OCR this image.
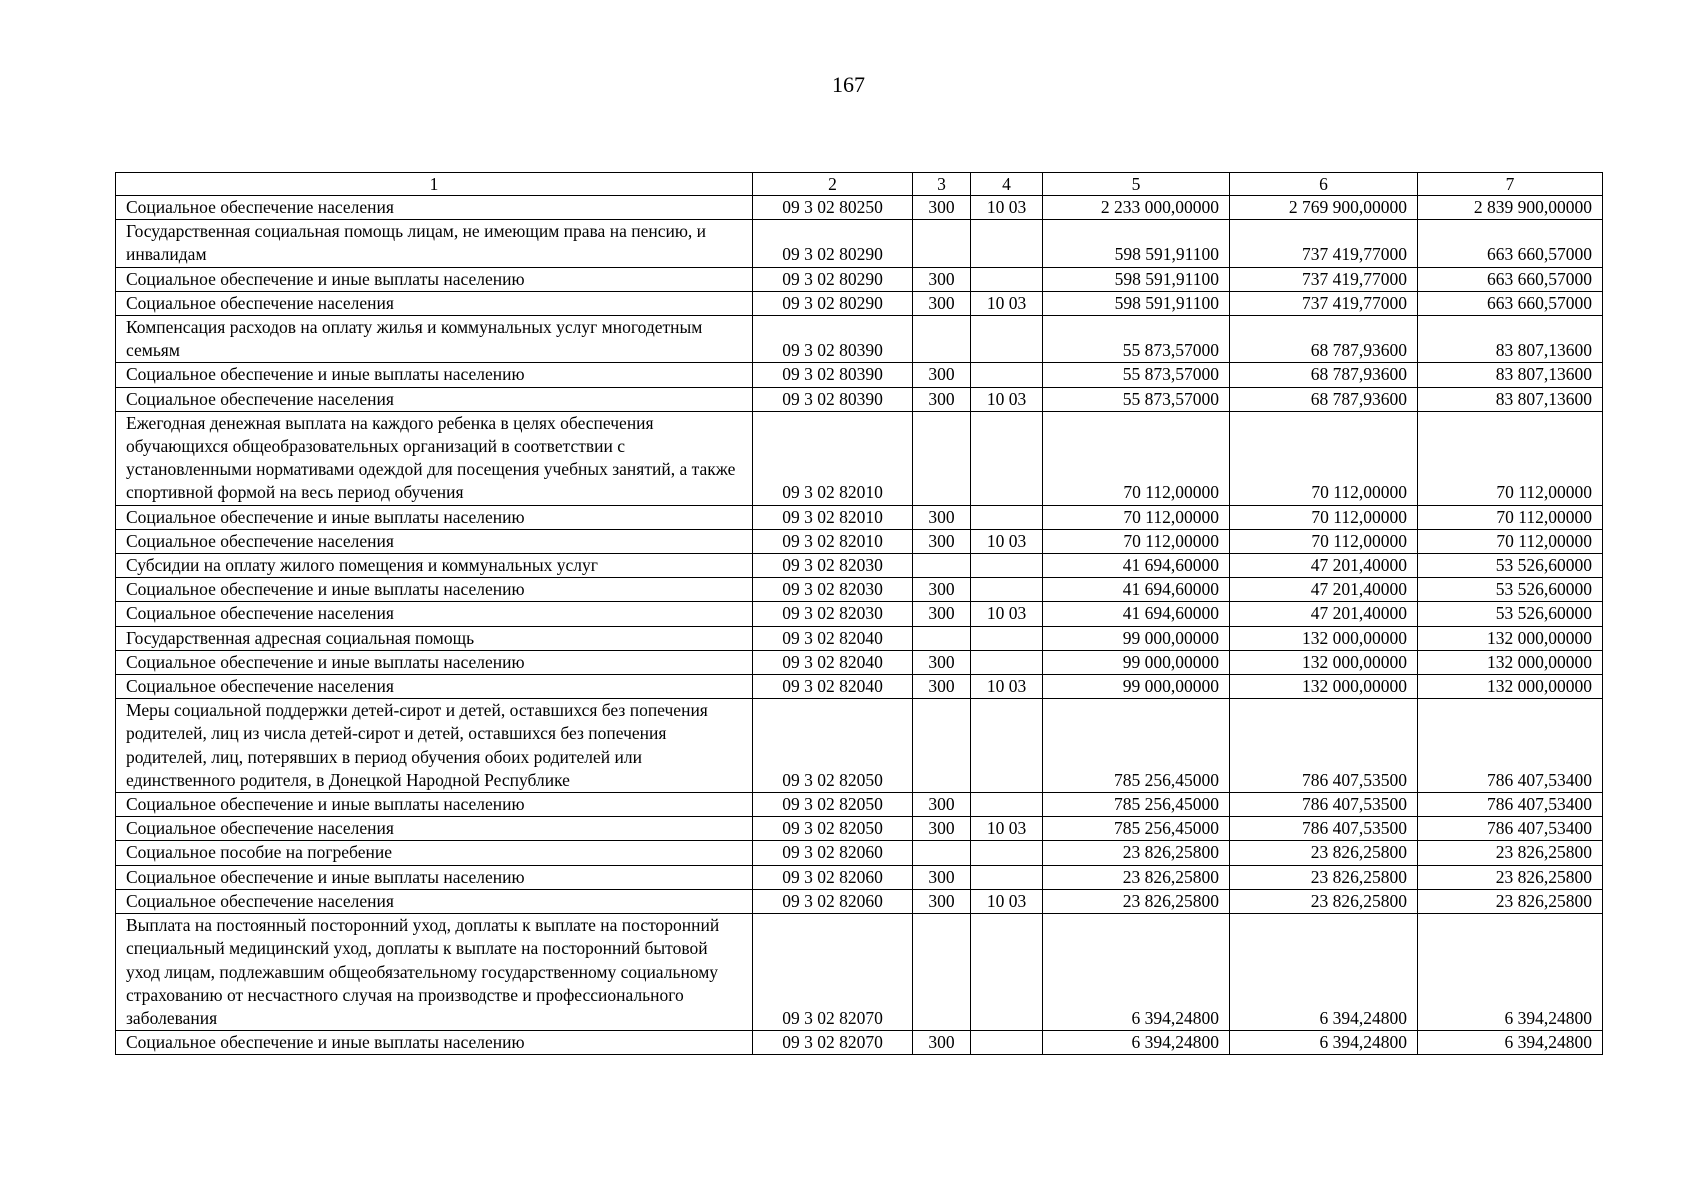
167
1	2	3	4	5	6	7
Социальное обеспечение населения	09 3 02 80250	300	10 03	2 233 000,00000	2 769 900,00000	2 839 900,00000
Государственная социальная помощь лицам, не имеющим права на пенсию, и инвалидам	09 3 02 80290			598 591,91100	737 419,77000	663 660,57000
Социальное обеспечение и иные выплаты населению	09 3 02 80290	300		598 591,91100	737 419,77000	663 660,57000
Социальное обеспечение населения	09 3 02 80290	300	10 03	598 591,91100	737 419,77000	663 660,57000
Компенсация расходов на оплату жилья и коммунальных услуг многодетным семьям	09 3 02 80390			55 873,57000	68 787,93600	83 807,13600
Социальное обеспечение и иные выплаты населению	09 3 02 80390	300		55 873,57000	68 787,93600	83 807,13600
Социальное обеспечение населения	09 3 02 80390	300	10 03	55 873,57000	68 787,93600	83 807,13600
Ежегодная денежная выплата на каждого ребенка в целях обеспечения обучающихся общеобразовательных организаций в соответствии с установленными нормативами одеждой для посещения учебных занятий, а также спортивной формой на весь период обучения	09 3 02 82010			70 112,00000	70 112,00000	70 112,00000
Социальное обеспечение и иные выплаты населению	09 3 02 82010	300		70 112,00000	70 112,00000	70 112,00000
Социальное обеспечение населения	09 3 02 82010	300	10 03	70 112,00000	70 112,00000	70 112,00000
Субсидии на оплату жилого помещения и коммунальных услуг	09 3 02 82030			41 694,60000	47 201,40000	53 526,60000
Социальное обеспечение и иные выплаты населению	09 3 02 82030	300		41 694,60000	47 201,40000	53 526,60000
Социальное обеспечение населения	09 3 02 82030	300	10 03	41 694,60000	47 201,40000	53 526,60000
Государственная адресная социальная помощь	09 3 02 82040			99 000,00000	132 000,00000	132 000,00000
Социальное обеспечение и иные выплаты населению	09 3 02 82040	300		99 000,00000	132 000,00000	132 000,00000
Социальное обеспечение населения	09 3 02 82040	300	10 03	99 000,00000	132 000,00000	132 000,00000
Меры социальной поддержки детей-сирот и детей, оставшихся без попечения родителей, лиц из числа детей-сирот и детей, оставшихся без попечения родителей, лиц, потерявших в период обучения обоих родителей или единственного родителя, в Донецкой Народной Республике	09 3 02 82050			785 256,45000	786 407,53500	786 407,53400
Социальное обеспечение и иные выплаты населению	09 3 02 82050	300		785 256,45000	786 407,53500	786 407,53400
Социальное обеспечение населения	09 3 02 82050	300	10 03	785 256,45000	786 407,53500	786 407,53400
Социальное пособие на погребение	09 3 02 82060			23 826,25800	23 826,25800	23 826,25800
Социальное обеспечение и иные выплаты населению	09 3 02 82060	300		23 826,25800	23 826,25800	23 826,25800
Социальное обеспечение населения	09 3 02 82060	300	10 03	23 826,25800	23 826,25800	23 826,25800
Выплата на постоянный посторонний уход, доплаты к выплате на посторонний специальный медицинский уход, доплаты к выплате на посторонний бытовой уход лицам, подлежавшим общеобязательному государственному социальному страхованию от несчастного случая на производстве и профессионального заболевания	09 3 02 82070			6 394,24800	6 394,24800	6 394,24800
Социальное обеспечение и иные выплаты населению	09 3 02 82070	300		6 394,24800	6 394,24800	6 394,24800
